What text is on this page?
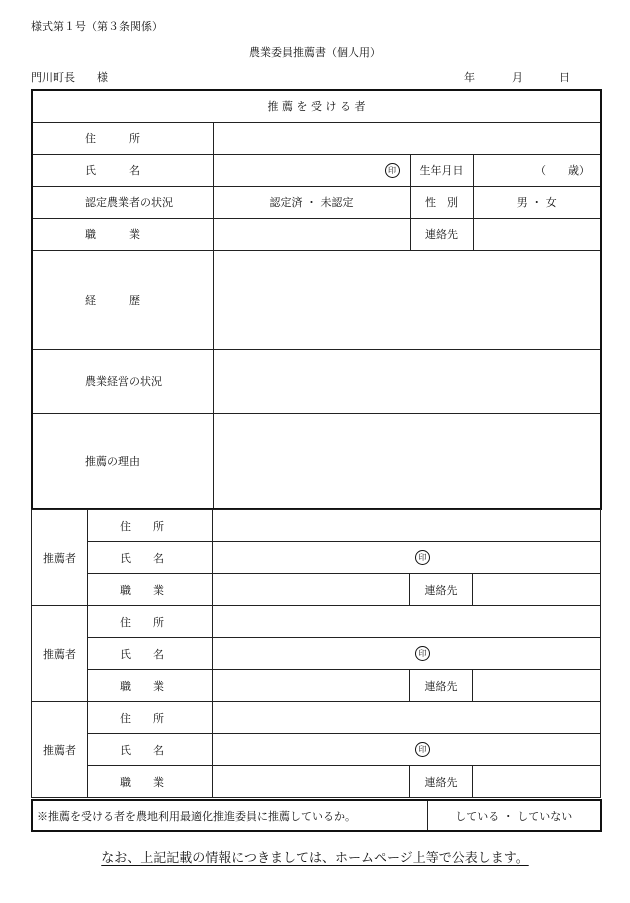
様式第１号（第３条関係）
農業委員推薦書（個人用）
門川町長　　様	年	月	日
推 薦 を 受 け る 者			
住　　　所			
氏　　　名	印	生年月日	（　　歳）
認定農業者の状況	認定済 ・ 未認定	性　別	男 ・ 女
職　　　業		連絡先	
経　　　歴			
農業経営の状況			
推薦の理由			
推薦者	住　　所			
	氏　　名	印		
	職　　業		連絡先	
推薦者	住　　所			
	氏　　名	印		
	職　　業		連絡先	
推薦者	住　　所			
	氏　　名	印		
	職　　業		連絡先	
※推薦を受ける者を農地利用最適化推進委員に推薦しているか。	している ・ していない
なお、上記記載の情報につきましては、ホームページ上等で公表します。
